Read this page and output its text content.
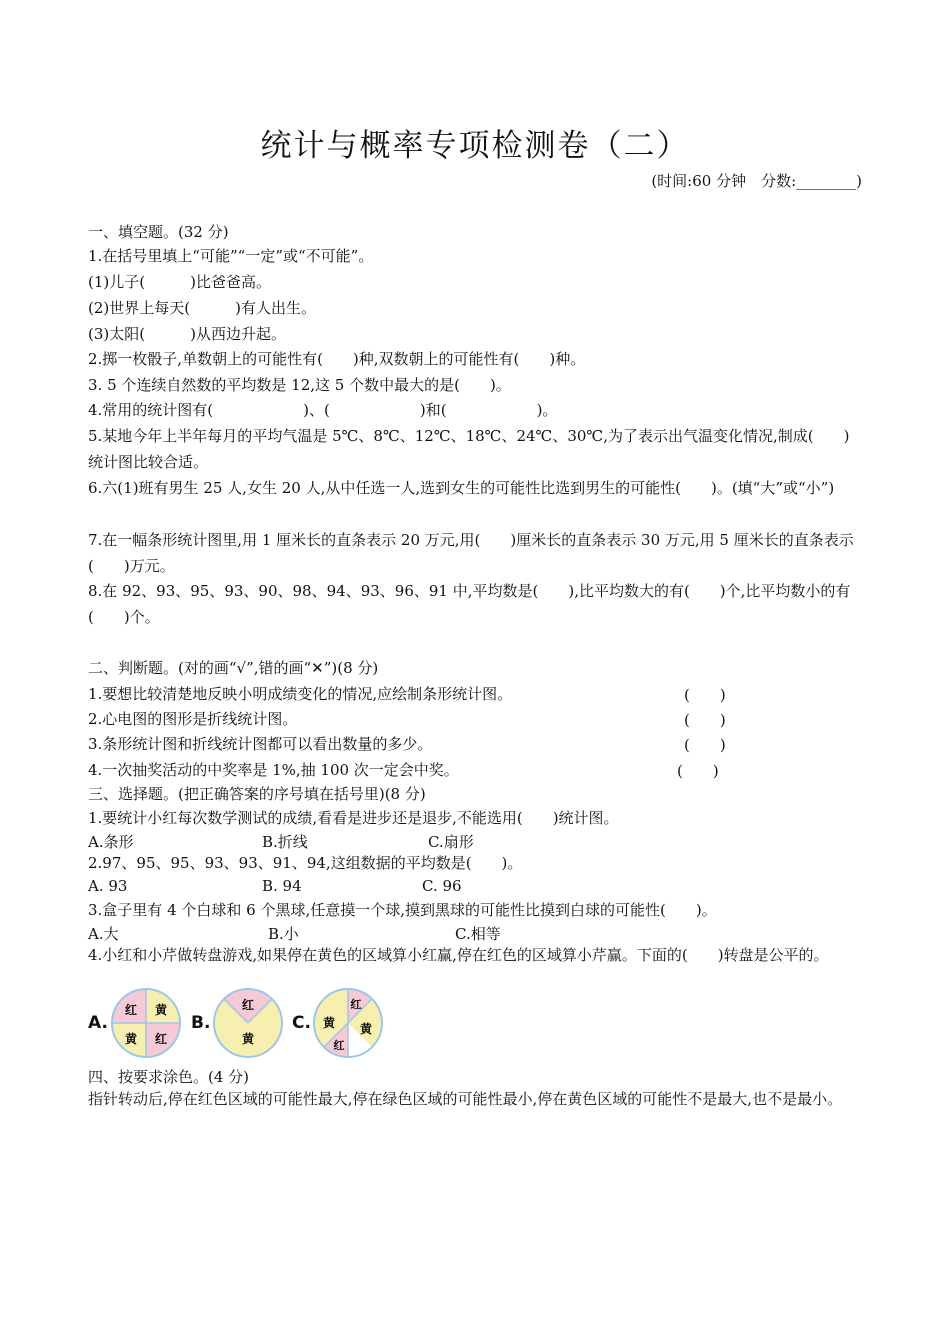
统计与概率专项检测卷（二）
(时间:60 分钟　分数:________)
一、填空题。(32 分)
1.在括号里填上“可能”“一定”或“不可能”。
(1)儿子(　　　)比爸爸高。
(2)世界上每天(　　　)有人出生。
(3)太阳(　　　)从西边升起。
2.掷一枚骰子,单数朝上的可能性有(　　)种,双数朝上的可能性有(　　)种。
3. 5 个连续自然数的平均数是 12,这 5 个数中最大的是(　　)。
4.常用的统计图有(　　　　　　)、(　　　　　　)和(　　　　　　)。
5.某地今年上半年每月的平均气温是 5℃、8℃、12℃、18℃、24℃、30℃,为了表示出气温变化情况,制成(　　)统计图比较合适。
6.六(1)班有男生 25 人,女生 20 人,从中任选一人,选到女生的可能性比选到男生的可能性(　　)。(填“大”或“小”)
7.在一幅条形统计图里,用 1 厘米长的直条表示 20 万元,用(　　)厘米长的直条表示 30 万元,用 5 厘米长的直条表示(　　)万元。
8.在 92、93、95、93、90、98、94、93、96、91 中,平均数是(　　),比平均数大的有(　　)个,比平均数小的有(　　)个。
二、判断题。(对的画“√”,错的画“✕”)(8 分)
1.要想比较清楚地反映小明成绩变化的情况,应绘制条形统计图。	(　　)
2.心电图的图形是折线统计图。	(　　)
3.条形统计图和折线统计图都可以看出数量的多少。	(　　)
4.一次抽奖活动的中奖率是 1%,抽 100 次一定会中奖。	(　　)
三、选择题。(把正确答案的序号填在括号里)(8 分)
1.要统计小红每次数学测试的成绩,看看是进步还是退步,不能选用(　　)统计图。
A.条形	B.折线	C.扇形
2.97、95、95、93、93、91、94,这组数据的平均数是(　　)。
A. 93	B. 94	C. 96
3.盒子里有 4 个白球和 6 个黑球,任意摸一个球,摸到黑球的可能性比摸到白球的可能性(　　)。
A.大	B.小	C.相等
4.小红和小芹做转盘游戏,如果停在黄色的区域算小红赢,停在红色的区域算小芹赢。下面的(　　)转盘是公平的。
A.
红 黄
黄 红
B.
红
黄
C.
红
黄 黄
红
四、按要求涂色。(4 分)
指针转动后,停在红色区域的可能性最大,停在绿色区域的可能性最小,停在黄色区域的可能性不是最大,也不是最小。
